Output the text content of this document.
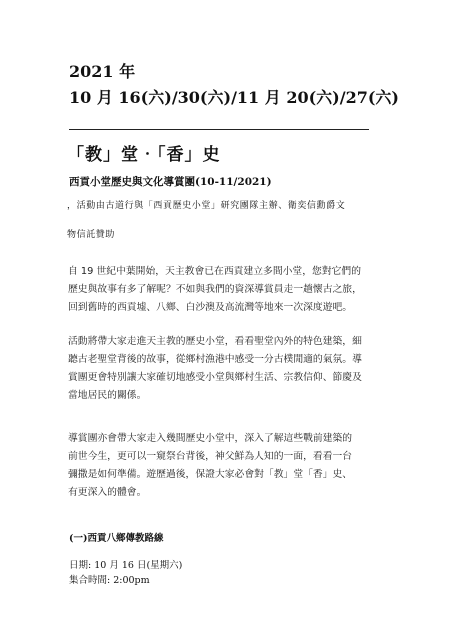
2021 年
10 月 16(六)/30(六)/11 月 20(六)/27(六)
「教」堂‧「香」史
西貢小堂歷史與文化導賞團(10-11/2021)
，活動由古道行與「西貢歷史小堂」研究團隊主辦、衛奕信勳爵文
物信託贊助
自 19 世紀中葉開始，天主教會已在西貢建立多間小堂，您對它們的
歷史與故事有多了解呢？不如與我們的資深導賞員走一趟懷古之旅，
回到舊時的西貢墟、八鄉、白沙澳及高流灣等地來一次深度遊吧。
活動將帶大家走進天主教的歷史小堂，看看聖堂內外的特色建築，細
聽古老聖堂背後的故事，從鄉村漁港中感受一分古樸閒適的氣氛。導
賞團更會特別讓大家確切地感受小堂與鄉村生活、宗教信仰、節慶及
當地居民的關係。
導賞團亦會帶大家走入幾間歷史小堂中，深入了解這些戰前建築的
前世今生，更可以一窺祭台背後，神父鮮為人知的一面，看看一台
彌撒是如何準備。遊歷過後，保證大家必會對「教」堂「香」史、
有更深入的體會。
(一)西貢八鄉傳教路線
日期: 10 月 16 日(星期六)
集合時間: 2:00pm
